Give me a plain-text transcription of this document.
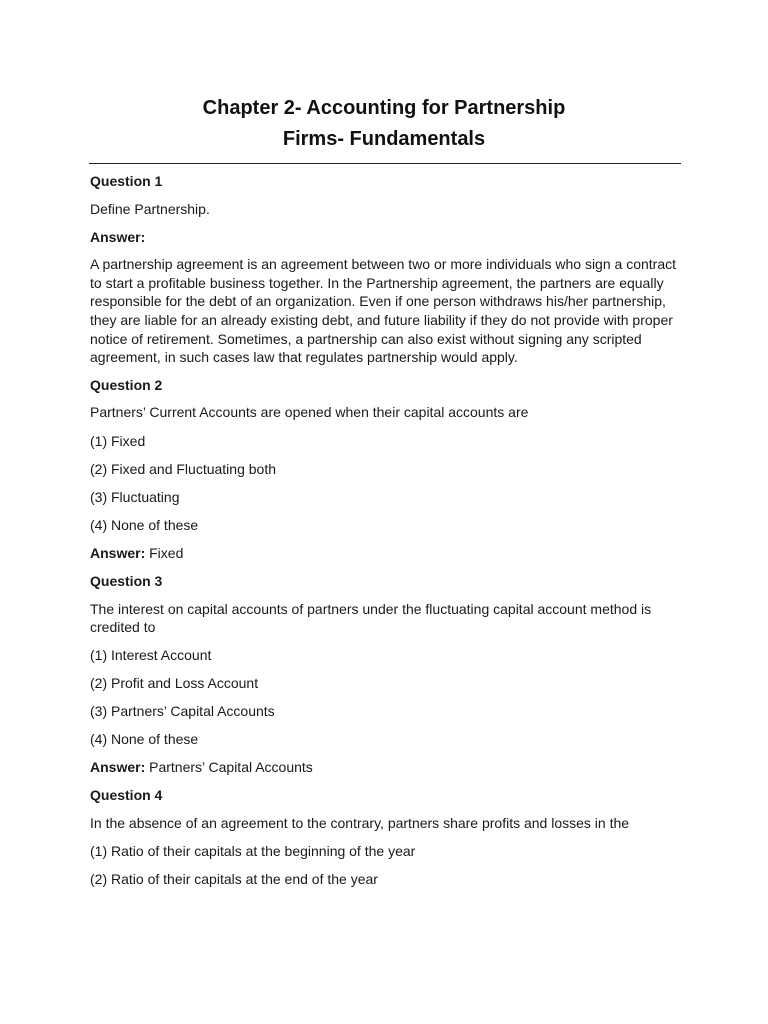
Chapter 2- Accounting for Partnership
Firms- Fundamentals
Question 1
Define Partnership.
Answer:
A partnership agreement is an agreement between two or more individuals who sign a contract to start a profitable business together. In the Partnership agreement, the partners are equally responsible for the debt of an organization. Even if one person withdraws his/her partnership, they are liable for an already existing debt, and future liability if they do not provide with proper notice of retirement. Sometimes, a partnership can also exist without signing any scripted agreement, in such cases law that regulates partnership would apply.
Question 2
Partners’ Current Accounts are opened when their capital accounts are
(1) Fixed
(2) Fixed and Fluctuating both
(3) Fluctuating
(4) None of these
Answer: Fixed
Question 3
The interest on capital accounts of partners under the fluctuating capital account method is credited to
(1) Interest Account
(2) Profit and Loss Account
(3) Partners’ Capital Accounts
(4) None of these
Answer: Partners’ Capital Accounts
Question 4
In the absence of an agreement to the contrary, partners share profits and losses in the
(1) Ratio of their capitals at the beginning of the year
(2) Ratio of their capitals at the end of the year
